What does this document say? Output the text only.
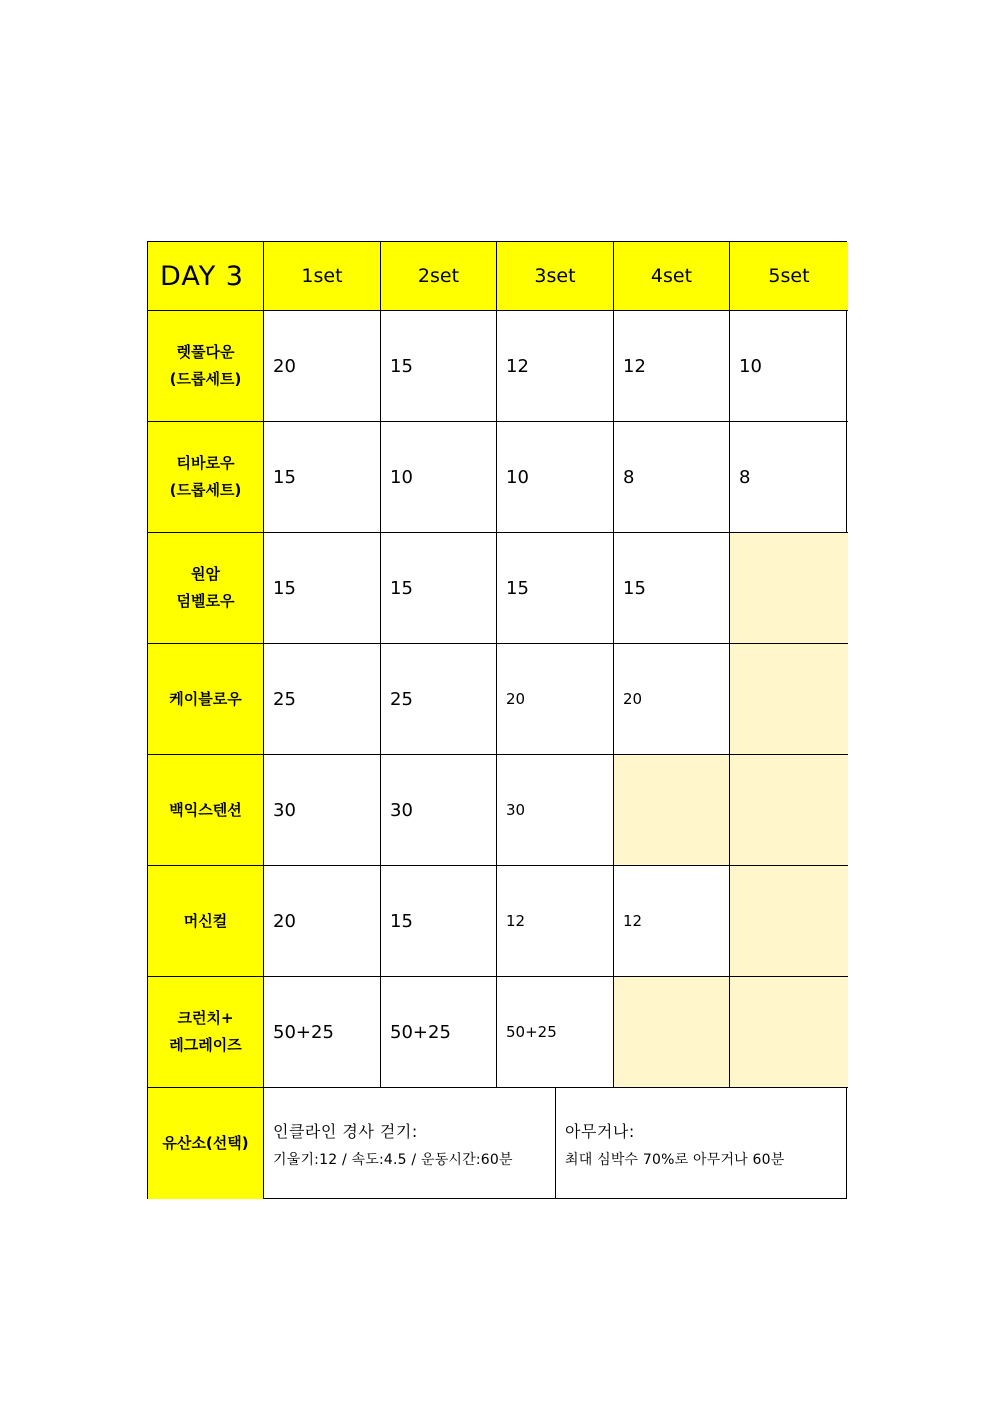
DAY 3	1set	2set	3set	4set	5set
렛풀다운
(드롭세트)
20	15	12	12	10
티바로우
(드롭세트)
15	10	10	8	8
원암
덤벨로우
15	15	15	15
케이블로우	25	25	20	20
백익스텐션	30	30	30
머신컬	20	15	12	12
크런치+
레그레이즈
50+25	50+25	50+25
유산소(선택)
인클라인 경사 걷기:
기울기:12 / 속도:4.5 / 운동시간:60분
아무거나:
최대 심박수 70%로 아무거나 60분
